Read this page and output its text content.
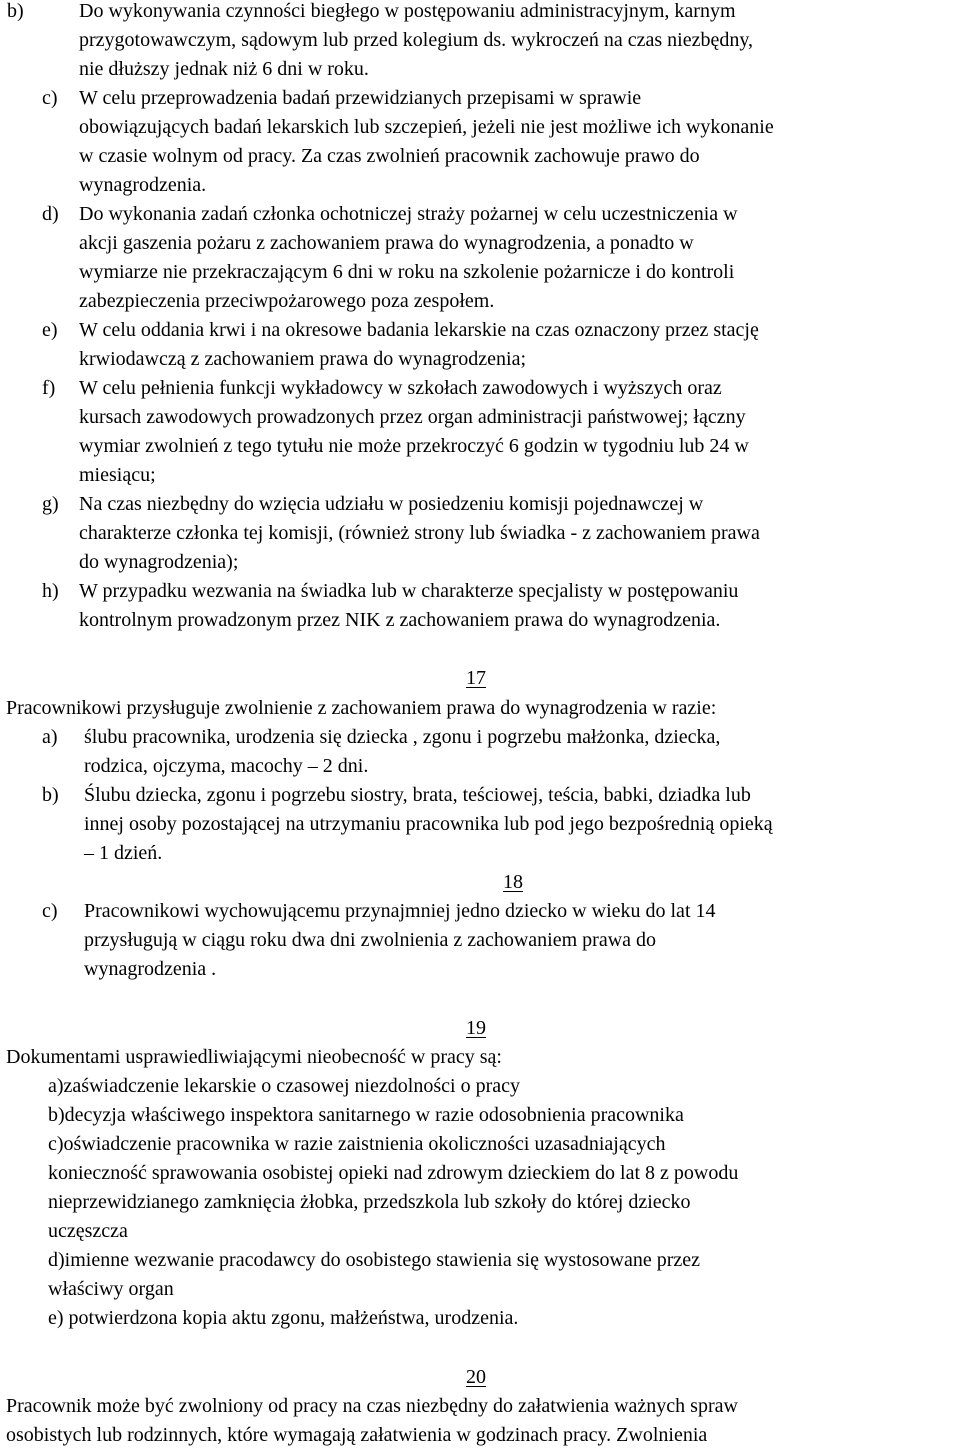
b)	Do wykonywania czynności biegłego w postępowaniu administracyjnym, karnym
przygotowawczym, sądowym lub przed kolegium ds. wykroczeń na czas niezbędny,
nie dłuższy jednak niż 6 dni w roku.
c) W celu przeprowadzenia badań przewidzianych przepisami w sprawie
obowiązujących badań lekarskich lub szczepień, jeżeli nie jest możliwe ich wykonanie
w czasie wolnym od pracy. Za czas zwolnień pracownik zachowuje prawo do
wynagrodzenia.
d) Do wykonania zadań członka ochotniczej straży pożarnej w celu uczestniczenia w
akcji gaszenia pożaru z zachowaniem prawa do wynagrodzenia, a ponadto w
wymiarze nie przekraczającym 6 dni w roku na szkolenie pożarnicze i do kontroli
zabezpieczenia przeciwpożarowego poza zespołem.
e) W celu oddania krwi i na okresowe badania lekarskie na czas oznaczony przez stację
krwiodawczą z zachowaniem prawa do wynagrodzenia;
f) W celu pełnienia funkcji wykładowcy w szkołach zawodowych i wyższych oraz
kursach zawodowych prowadzonych przez organ administracji państwowej; łączny
wymiar zwolnień z tego tytułu nie może przekroczyć 6 godzin w tygodniu lub 24 w
miesiącu;
g) Na czas niezbędny do wzięcia udziału w posiedzeniu komisji pojednawczej w
charakterze członka tej komisji, (również strony lub świadka - z zachowaniem prawa
do wynagrodzenia);
h) W przypadku wezwania na świadka lub w charakterze specjalisty w postępowaniu
kontrolnym prowadzonym przez NIK z zachowaniem prawa do wynagrodzenia.
17
Pracownikowi przysługuje zwolnienie z zachowaniem prawa do wynagrodzenia w razie:
a) ślubu pracownika, urodzenia się dziecka , zgonu i pogrzebu małżonka, dziecka,
rodzica, ojczyma, macochy – 2 dni.
b) Ślubu dziecka, zgonu i pogrzebu siostry, brata, teściowej, teścia, babki, dziadka lub
innej osoby pozostającej na utrzymaniu pracownika lub pod jego bezpośrednią opieką
– 1 dzień.
18
c) Pracownikowi wychowującemu przynajmniej jedno dziecko w wieku do lat 14
przysługują w ciągu roku dwa dni zwolnienia z zachowaniem prawa do
wynagrodzenia .
19
Dokumentami usprawiedliwiającymi nieobecność w pracy są:
a)zaświadczenie lekarskie o czasowej niezdolności o pracy
b)decyzja właściwego inspektora sanitarnego w razie odosobnienia pracownika
c)oświadczenie pracownika w razie zaistnienia okoliczności uzasadniających
konieczność sprawowania osobistej opieki nad zdrowym dzieckiem do lat 8 z powodu
nieprzewidzianego zamknięcia żłobka, przedszkola lub szkoły do której dziecko
uczęszcza
d)imienne wezwanie pracodawcy do osobistego stawienia się wystosowane przez
właściwy organ
e) potwierdzona kopia aktu zgonu, małżeństwa, urodzenia.
20
Pracownik może być zwolniony od pracy na czas niezbędny do załatwienia ważnych spraw
osobistych lub rodzinnych, które wymagają załatwienia w godzinach pracy. Zwolnienia
